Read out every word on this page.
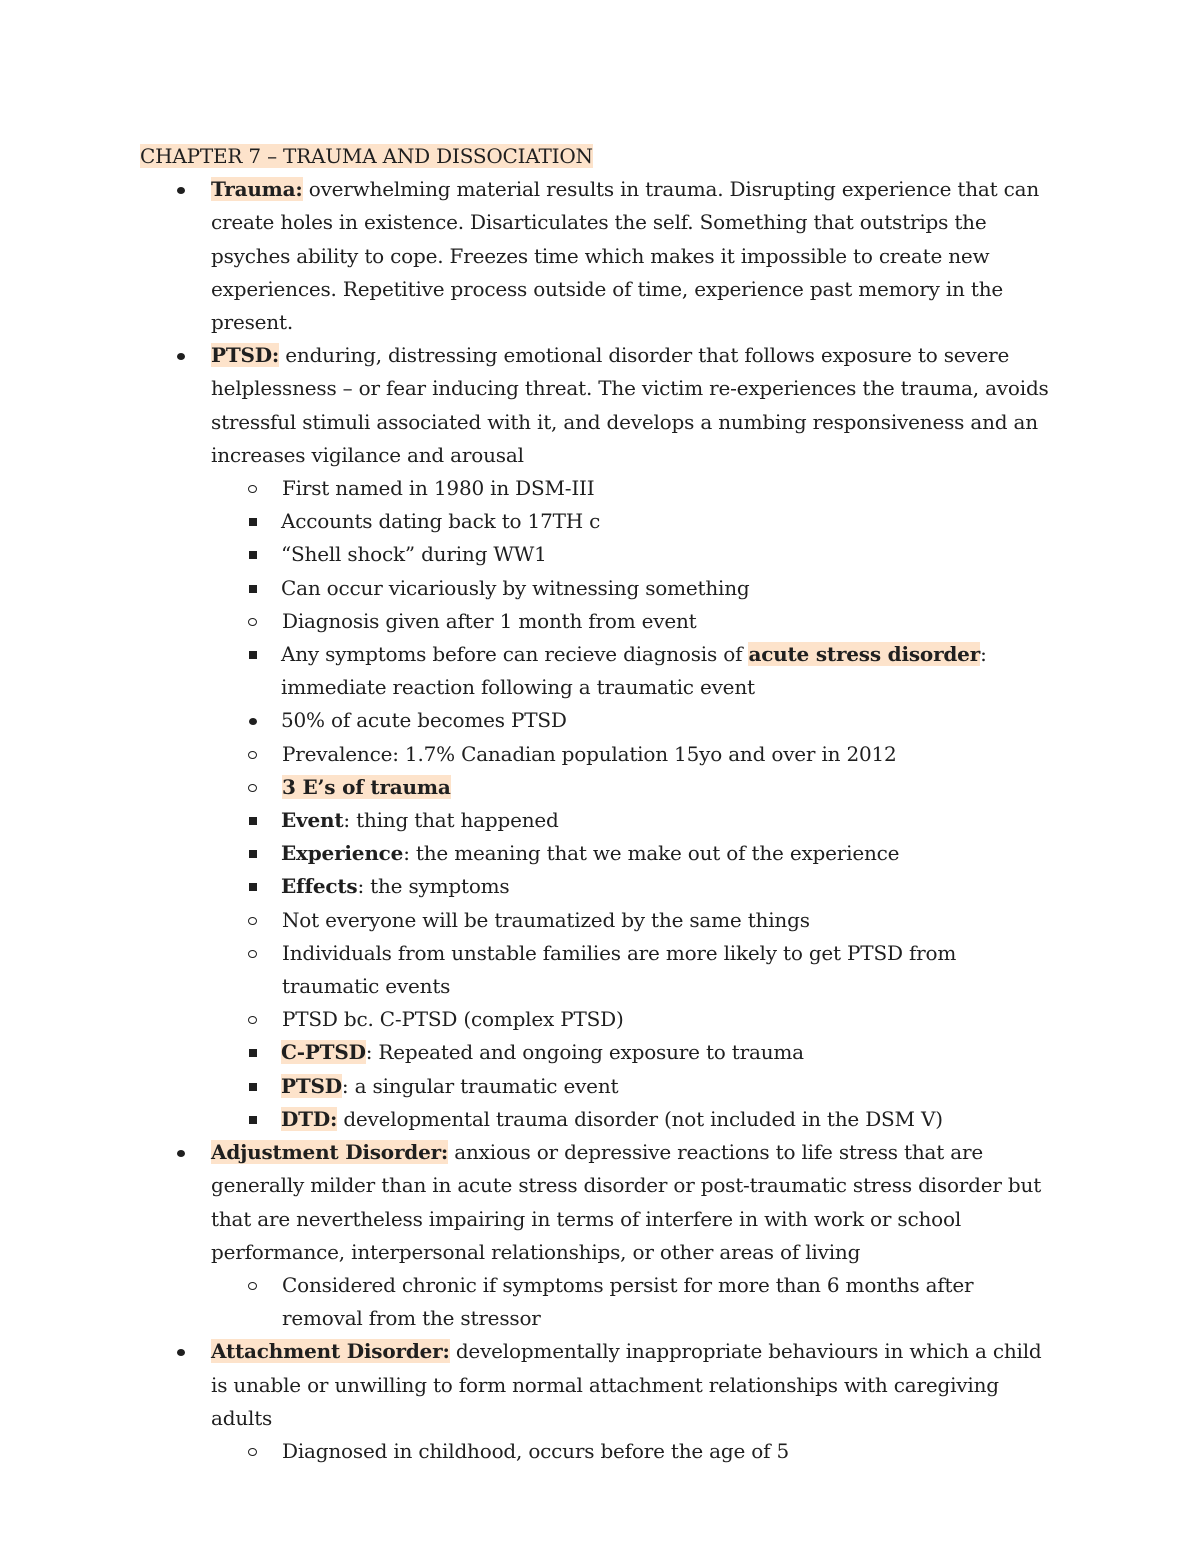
CHAPTER 7 – TRAUMA AND DISSOCIATION

Trauma: overwhelming material results in trauma. Disrupting experience that can create holes in existence. Disarticulates the self. Something that outstrips the psyches ability to cope. Freezes time which makes it impossible to create new experiences. Repetitive process outside of time, experience past memory in the present.
PTSD: enduring, distressing emotional disorder that follows exposure to severe helplessness – or fear inducing threat. The victim re-experiences the trauma, avoids stressful stimuli associated with it, and develops a numbing responsiveness and an increases vigilance and arousal
First named in 1980 in DSM-III
Accounts dating back to 17TH c
“Shell shock” during WW1
Can occur vicariously by witnessing something
Diagnosis given after 1 month from event
Any symptoms before can recieve diagnosis of acute stress disorder: immediate reaction following a traumatic event
50% of acute becomes PTSD
Prevalence: 1.7% Canadian population 15yo and over in 2012
3 E’s of trauma
Event: thing that happened
Experience: the meaning that we make out of the experience
Effects: the symptoms
Not everyone will be traumatized by the same things
Individuals from unstable families are more likely to get PTSD from traumatic events
PTSD bc. C-PTSD (complex PTSD)
C-PTSD: Repeated and ongoing exposure to trauma
PTSD: a singular traumatic event
DTD: developmental trauma disorder (not included in the DSM V)
Adjustment Disorder: anxious or depressive reactions to life stress that are generally milder than in acute stress disorder or post-traumatic stress disorder but that are nevertheless impairing in terms of interfere in with work or school performance, interpersonal relationships, or other areas of living
Considered chronic if symptoms persist for more than 6 months after removal from the stressor
Attachment Disorder: developmentally inappropriate behaviours in which a child is unable or unwilling to form normal attachment relationships with caregiving adults
Diagnosed in childhood, occurs before the age of 5
